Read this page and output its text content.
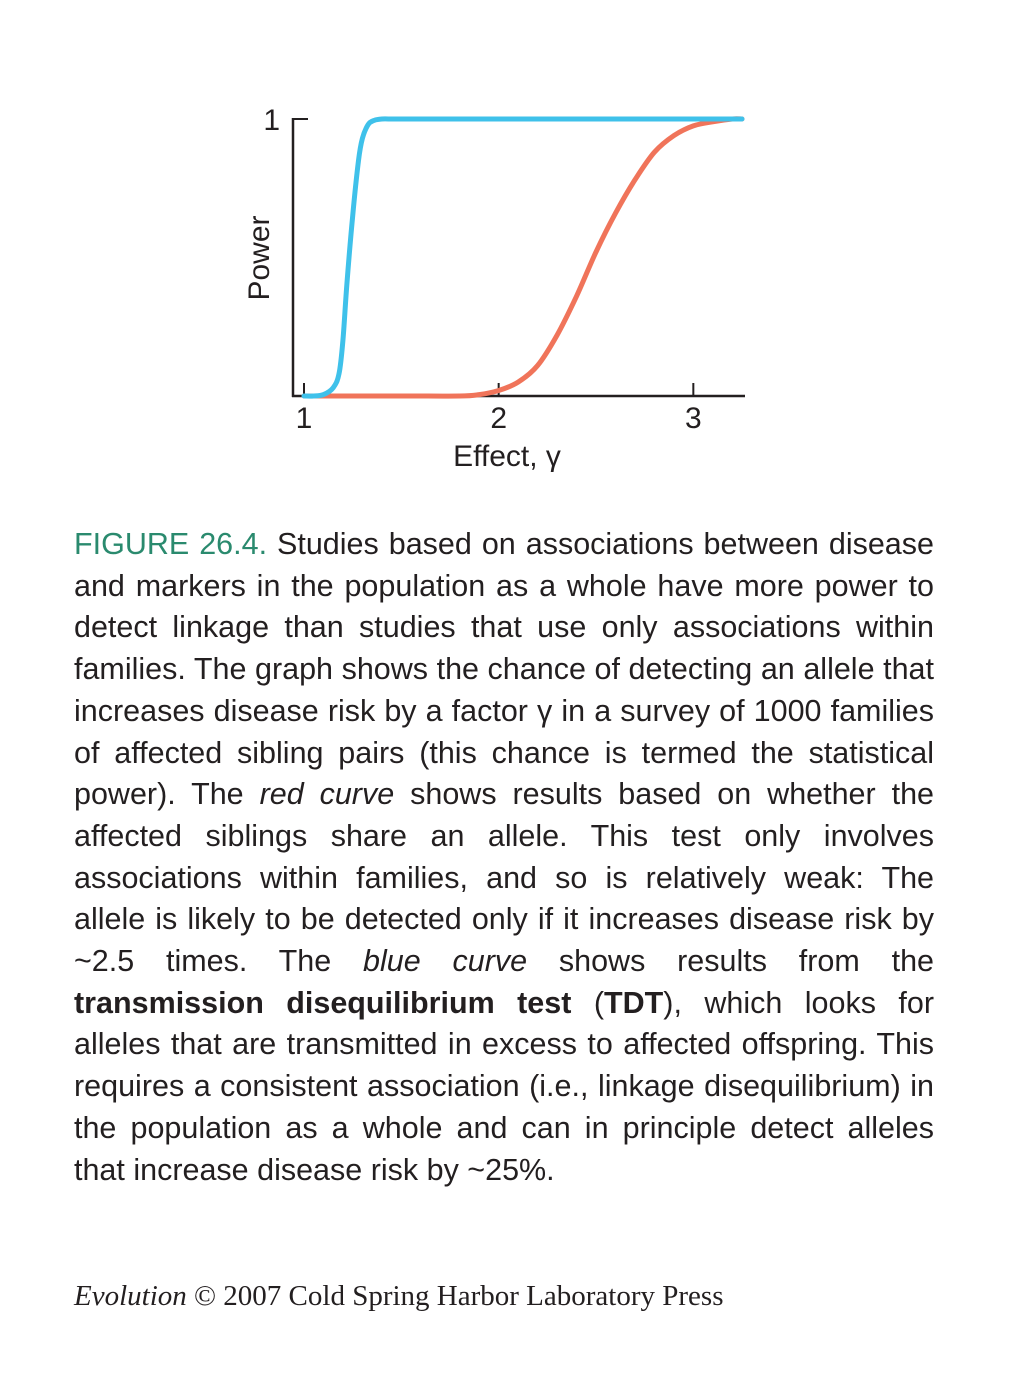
1	2	3
1
Power
Effect, γ
FIGURE 26.4. Studies based on associations between disease and markers in the population as a whole have more power to detect linkage than studies that use only associations within families. The graph shows the chance of detecting an allele that increases disease risk by a factor γ in a survey of 1000 families of affected sibling pairs (this chance is termed the statistical power). The red curve shows results based on whether the affected siblings share an allele. This test only involves associations within families, and so is relatively weak: The allele is likely to be detected only if it increases disease risk by ~2.5 times. The blue curve shows results from the transmission disequilibrium test (TDT), which looks for alleles that are transmitted in excess to affected offspring. This requires a consistent association (i.e., linkage disequilibrium) in the population as a whole and can in principle detect alleles that increase disease risk by ~25%.
Evolution © 2007 Cold Spring Harbor Laboratory Press
